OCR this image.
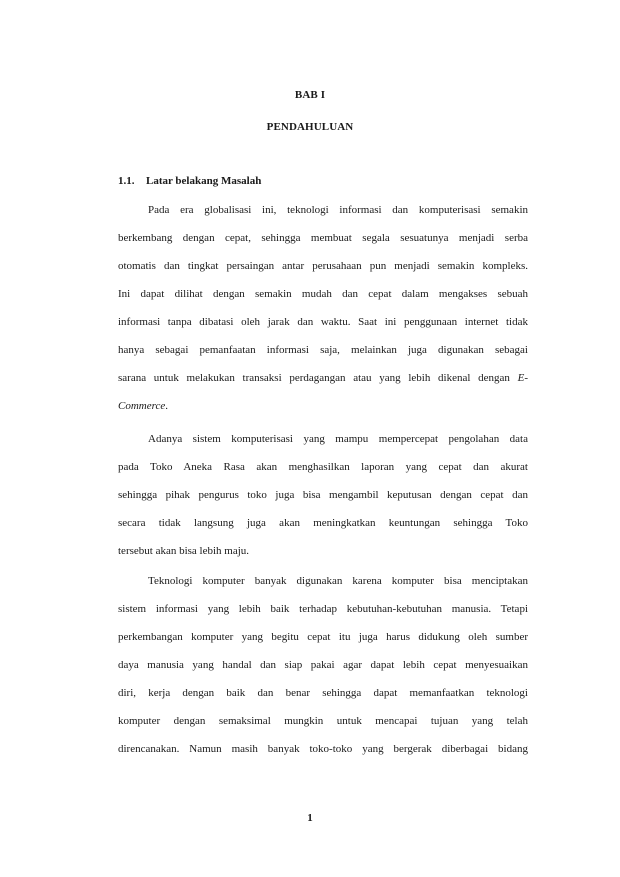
BAB I
PENDAHULUAN
1.1. Latar belakang Masalah
Pada era globalisasi ini, teknologi informasi dan komputerisasi semakin
berkembang dengan cepat, sehingga membuat segala sesuatunya menjadi serba
otomatis dan tingkat persaingan antar perusahaan pun menjadi semakin kompleks.
Ini dapat dilihat dengan semakin mudah dan cepat dalam mengakses sebuah
informasi tanpa dibatasi oleh jarak dan waktu. Saat ini penggunaan internet tidak
hanya sebagai pemanfaatan informasi saja, melainkan juga digunakan sebagai
sarana untuk melakukan transaksi perdagangan atau yang lebih dikenal dengan E-
Commerce.
Adanya sistem komputerisasi yang mampu mempercepat pengolahan data
pada Toko Aneka Rasa akan menghasilkan laporan yang cepat dan akurat
sehingga pihak pengurus toko juga bisa mengambil keputusan dengan cepat dan
secara tidak langsung juga akan meningkatkan keuntungan sehingga Toko
tersebut akan bisa lebih maju.
Teknologi komputer banyak digunakan karena komputer bisa menciptakan
sistem informasi yang lebih baik terhadap kebutuhan-kebutuhan manusia. Tetapi
perkembangan komputer yang begitu cepat itu juga harus didukung oleh sumber
daya manusia yang handal dan siap pakai agar dapat lebih cepat menyesuaikan
diri, kerja dengan baik dan benar sehingga dapat memanfaatkan teknologi
komputer dengan semaksimal mungkin untuk mencapai tujuan yang telah
direncanakan. Namun masih banyak toko-toko yang bergerak diberbagai bidang
1
